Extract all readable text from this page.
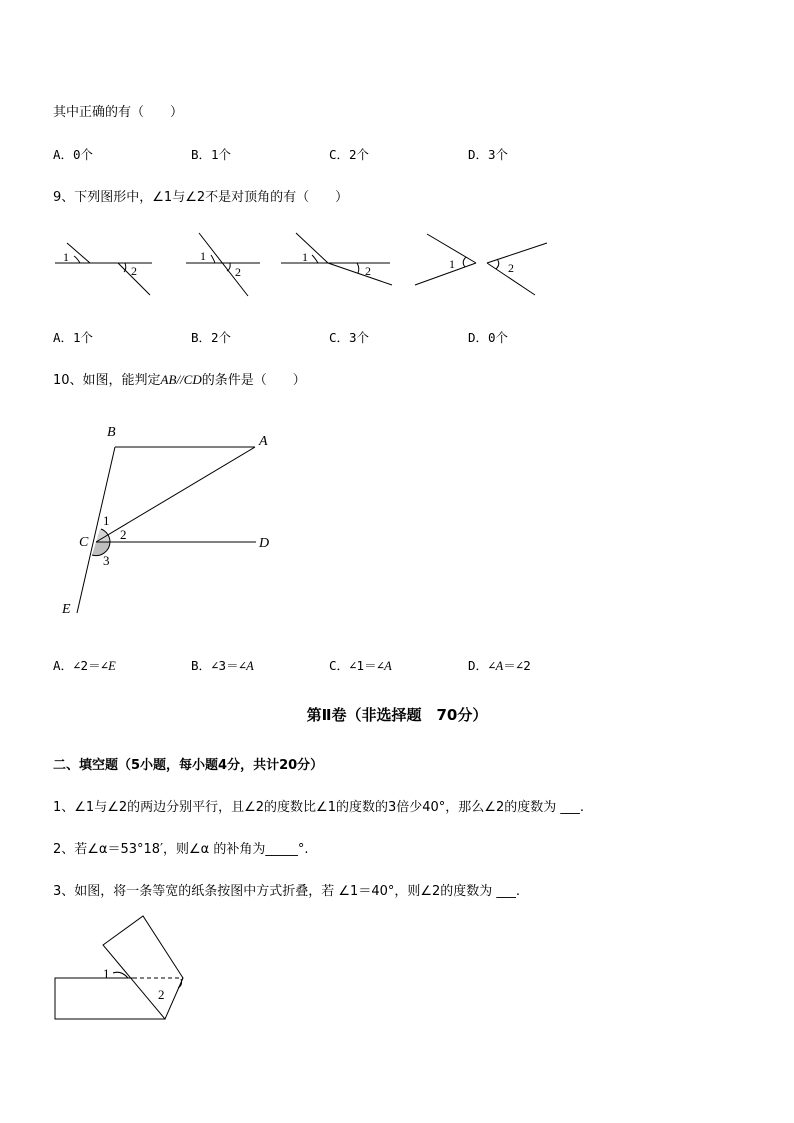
其中正确的有（　　）
A．0个	B．1个	C．2个	D．3个
9、下列图形中，∠1与∠2不是对顶角的有（　　）
1
2
1
2
1
2	1	2
A．1个	B．2个	C．3个	D．0个
10、如图，能判定AB//CD的条件是（　　）
B
A
C	D
E
1
2
3
A．∠2＝∠E	B．∠3＝∠A	C．∠1＝∠A	D．∠A＝∠2
第Ⅱ卷（非选择题　70分）
二、填空题（5小题，每小题4分，共计20分）
1、∠1与∠2的两边分别平行，且∠2的度数比∠1的度数的3倍少40°，那么∠2的度数为 ___.
2、若∠α＝53°18′，则∠α 的补角为_____°.
3、如图，将一条等宽的纸条按图中方式折叠，若 ∠1＝40°，则∠2的度数为 ___.
1
2
